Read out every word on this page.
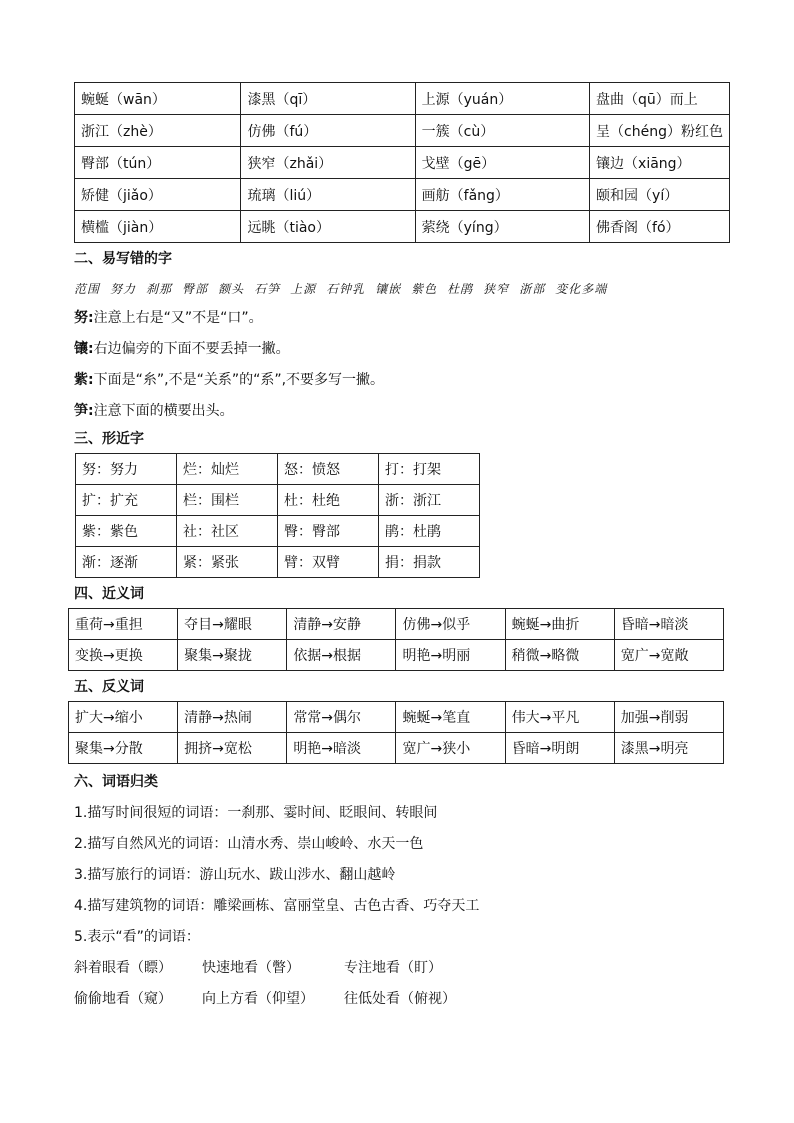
蜿蜒（wān）	漆黑（qī）	上源（yuán）	盘曲（qū）而上
浙江（zhè）	仿佛（fú）	一簇（cù）	呈（chéng）粉红色
臀部（tún）	狭窄（zhǎi）	戈壁（gē）	镶边（xiāng）
矫健（jiǎo）	琉璃（liú）	画舫（fǎng）	颐和园（yí）
横槛（jiàn）	远眺（tiào）	萦绕（yíng）	佛香阁（fó）

二、易写错的字

范围 努力 刹那 臀部 额头 石笋 上源 石钟乳 镶嵌 紫色 杜鹃 狭窄 浙部 变化多端

努:注意上右是“又”不是“口”。

镶:右边偏旁的下面不要丢掉一撇。

紫:下面是“糸”,不是“关系”的“系”,不要多写一撇。

笋:注意下面的横要出头。

三、形近字

努：努力	烂：灿烂	怒：愤怒	打：打架
扩：扩充	栏：围栏	杜：杜绝	浙：浙江
紫：紫色	社：社区	臀：臀部	鹃：杜鹃
渐：逐渐	紧：紧张	臂：双臂	捐：捐款

四、近义词

重荷→重担	夺目→耀眼	清静→安静	仿佛→似乎	蜿蜒→曲折	昏暗→暗淡
变换→更换	聚集→聚拢	依据→根据	明艳→明丽	稍微→略微	宽广→宽敞

五、反义词

扩大→缩小	清静→热闹	常常→偶尔	蜿蜒→笔直	伟大→平凡	加强→削弱
聚集→分散	拥挤→宽松	明艳→暗淡	宽广→狭小	昏暗→明朗	漆黑→明亮

六、词语归类

1.描写时间很短的词语：一刹那、霎时间、眨眼间、转眼间

2.描写自然风光的词语：山清水秀、崇山峻岭、水天一色

3.描写旅行的词语：游山玩水、跋山涉水、翻山越岭

4.描写建筑物的词语：雕梁画栋、富丽堂皇、古色古香、巧夺天工

5.表示“看”的词语：

斜着眼看（瞟） 快速地看（瞥）	专注地看（盯）

偷偷地看（窥） 向上方看（仰望） 往低处看（俯视）
